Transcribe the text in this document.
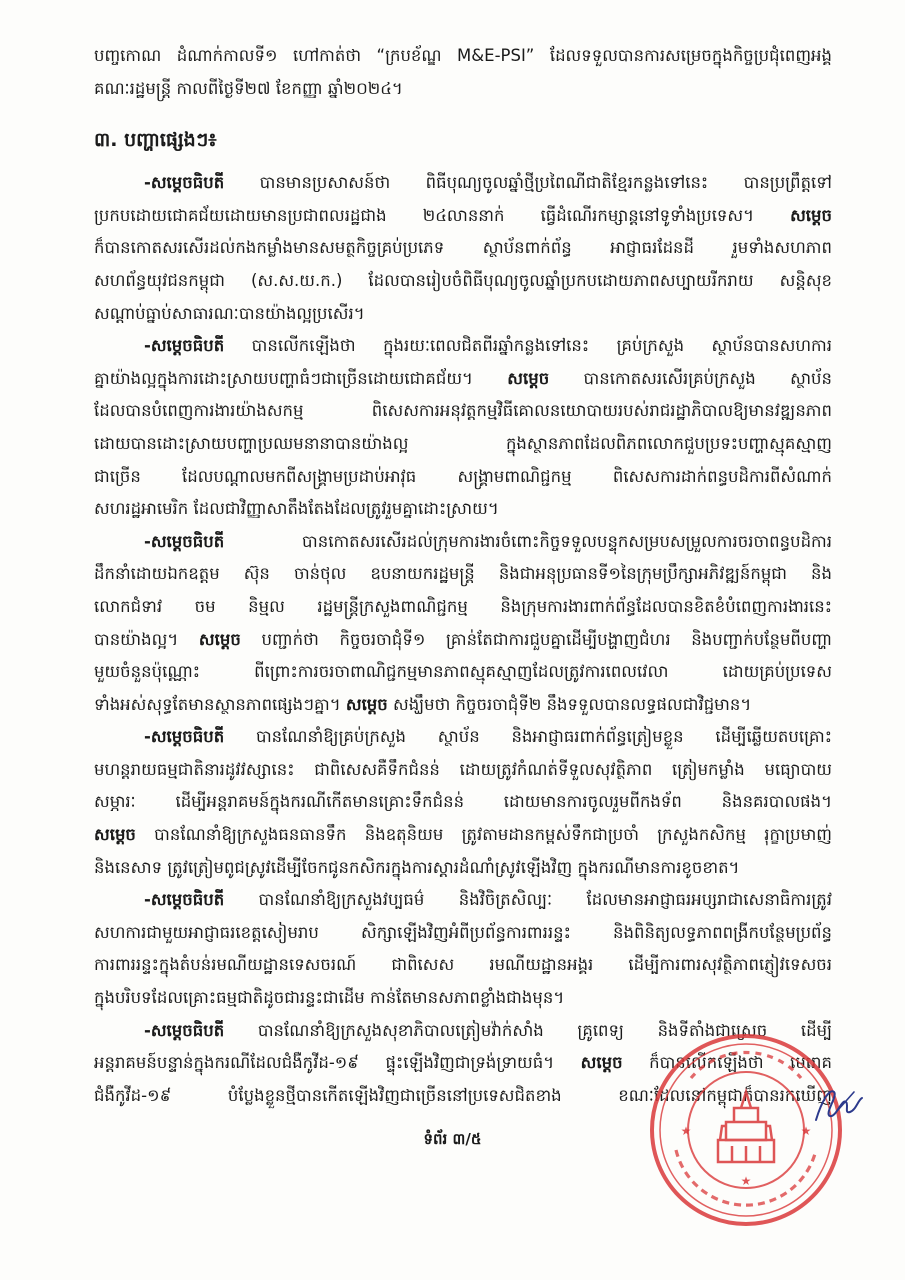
បញ្ចកោណ ដំណាក់កាលទី១ ហៅកាត់ថា “ក្របខ័ណ្ឌ M&E-PSI” ដែលទទួលបានការសម្រេចក្នុងកិច្ចប្រជុំពេញអង្គ
គណៈរដ្ឋមន្ត្រី កាលពីថ្ងៃទី២៧ ខែកញ្ញា ឆ្នាំ២០២៤។
៣. បញ្ហាផ្សេងៗ៖
-សម្ដេចធិបតី បានមានប្រសាសន៍ថា ពិធីបុណ្យចូលឆ្នាំថ្មីប្រពៃណីជាតិខ្មែរកន្លងទៅនេះ បានប្រព្រឹត្តទៅ
ប្រកបដោយជោគជ័យដោយមានប្រជាពលរដ្ឋជាង ២៤លាននាក់ ធ្វើដំណើរកម្សាន្តនៅទូទាំងប្រទេស។ សម្ដេច
ក៏បានកោតសរសើរដល់កងកម្លាំងមានសមត្ថកិច្ចគ្រប់ប្រភេទ ស្ថាប័នពាក់ព័ន្ធ អាជ្ញាធរដែនដី រួមទាំងសហភាព
សហព័ន្ធយុវជនកម្ពុជា (ស.ស.យ.ក.) ដែលបានរៀបចំពិធីបុណ្យចូលឆ្នាំប្រកបដោយភាពសប្បាយរីករាយ សន្តិសុខ
សណ្ដាប់ធ្នាប់សាធារណៈបានយ៉ាងល្អប្រសើរ។
-សម្ដេចធិបតី បានលើកឡើងថា ក្នុងរយៈពេលជិតពីរឆ្នាំកន្លងទៅនេះ គ្រប់ក្រសួង ស្ថាប័នបានសហការ
គ្នាយ៉ាងល្អក្នុងការដោះស្រាយបញ្ហាធំៗជាច្រើនដោយជោគជ័យ។ សម្ដេច បានកោតសរសើរគ្រប់ក្រសួង ស្ថាប័ន
ដែលបានបំពេញការងារយ៉ាងសកម្ម ពិសេសការអនុវត្តកម្មវិធីគោលនយោបាយរបស់រាជរដ្ឋាភិបាលឱ្យមានវឌ្ឍនភាព
ដោយបានដោះស្រាយបញ្ហាប្រឈមនានាបានយ៉ាងល្អ ក្នុងស្ថានភាពដែលពិភពលោកជួបប្រទះបញ្ហាស្មុគស្មាញ
ជាច្រើន ដែលបណ្ដាលមកពីសង្គ្រាមប្រដាប់អាវុធ សង្គ្រាមពាណិជ្ជកម្ម ពិសេសការដាក់ពន្ធបដិការពីសំណាក់
សហរដ្ឋអាមេរិក ដែលជាវិញ្ញាសាតឹងតែងដែលត្រូវរួមគ្នាដោះស្រាយ។
-សម្ដេចធិបតី បានកោតសរសើរដល់ក្រុមការងារចំពោះកិច្ចទទួលបន្ទុកសម្របសម្រួលការចរចាពន្ធបដិការ
ដឹកនាំដោយឯកឧត្តម ស៊ុន ចាន់ថុល ឧបនាយករដ្ឋមន្ត្រី និងជាអនុប្រធានទី១នៃក្រុមប្រឹក្សាអភិវឌ្ឍន៍កម្ពុជា និង
លោកជំទាវ ចម និម្មល រដ្ឋមន្ត្រីក្រសួងពាណិជ្ជកម្ម និងក្រុមការងារពាក់ព័ន្ធដែលបានខិតខំបំពេញការងារនេះ
បានយ៉ាងល្អ។ សម្ដេច បញ្ជាក់ថា កិច្ចចរចាជុំទី១ គ្រាន់តែជាការជួបគ្នាដើម្បីបង្ហាញជំហរ និងបញ្ជាក់បន្ថែមពីបញ្ហា
មួយចំនួនប៉ុណ្ណោះ ពីព្រោះការចរចាពាណិជ្ជកម្មមានភាពស្មុគស្មាញដែលត្រូវការពេលវេលា ដោយគ្រប់ប្រទេស
ទាំងអស់សុទ្ធតែមានស្ថានភាពផ្សេងៗគ្នា។ សម្ដេច សង្ឃឹមថា កិច្ចចរចាជុំទី២ នឹងទទួលបានលទ្ធផលជាវិជ្ជមាន។
-សម្ដេចធិបតី បានណែនាំឱ្យគ្រប់ក្រសួង ស្ថាប័ន និងអាជ្ញាធរពាក់ព័ន្ធត្រៀមខ្លួន ដើម្បីឆ្លើយតបគ្រោះ
មហន្តរាយធម្មជាតិនារដូវវស្សានេះ ជាពិសេសគឺទឹកជំនន់ ដោយត្រូវកំណត់ទីទួលសុវត្ថិភាព ត្រៀមកម្លាំង មធ្យោបាយ
សម្ភារៈ ដើម្បីអន្តរាគមន៍ក្នុងករណីកើតមានគ្រោះទឹកជំនន់ ដោយមានការចូលរួមពីកងទ័ព និងនគរបាលផង។
សម្ដេច បានណែនាំឱ្យក្រសួងធនធានទឹក និងឧតុនិយម ត្រូវតាមដានកម្ពស់ទឹកជាប្រចាំ ក្រសួងកសិកម្ម រុក្ខាប្រមាញ់
និងនេសាទ ត្រូវត្រៀមពូជស្រូវដើម្បីចែកជូនកសិករក្នុងការស្ដារដំណាំស្រូវឡើងវិញ ក្នុងករណីមានការខូចខាត។
-សម្ដេចធិបតី បានណែនាំឱ្យក្រសួងវប្បធម៌ និងវិចិត្រសិល្បៈ ដែលមានអាជ្ញាធរអប្សរាជាសេនាធិការត្រូវ
សហការជាមួយអាជ្ញាធរខេត្តសៀមរាប សិក្សាឡើងវិញអំពីប្រព័ន្ធការពាររន្ទះ និងពិនិត្យលទ្ធភាពពង្រីកបន្ថែមប្រព័ន្ធ
ការពាររន្ទះក្នុងតំបន់រមណីយដ្ឋានទេសចរណ៍ ជាពិសេស រមណីយដ្ឋានអង្គរ ដើម្បីការពារសុវត្ថិភាពភ្ញៀវទេសចរ
ក្នុងបរិបទដែលគ្រោះធម្មជាតិដូចជារន្ទះជាដើម កាន់តែមានសភាពខ្លាំងជាងមុន។
-សម្ដេចធិបតី បានណែនាំឱ្យក្រសួងសុខាភិបាលត្រៀមវ៉ាក់សាំង គ្រូពេទ្យ និងទីតាំងជាស្រេច ដើម្បី
អន្តរាគមន៍បន្ទាន់ក្នុងករណីដែលជំងឺកូវីដ-១៩ ផ្ទុះឡើងវិញជាទ្រង់ទ្រាយធំ។ សម្ដេច ក៏បានលើកឡើងថា មេរោគ
ជំងឺកូវីដ-១៩ បំប្លែងខ្លួនថ្មីបានកើតឡើងវិញជាច្រើននៅប្រទេសជិតខាង ខណៈដែលនៅកម្ពុជាក៏បានរកឃើញ
ទំព័រ ៣/៥
★
★	★
